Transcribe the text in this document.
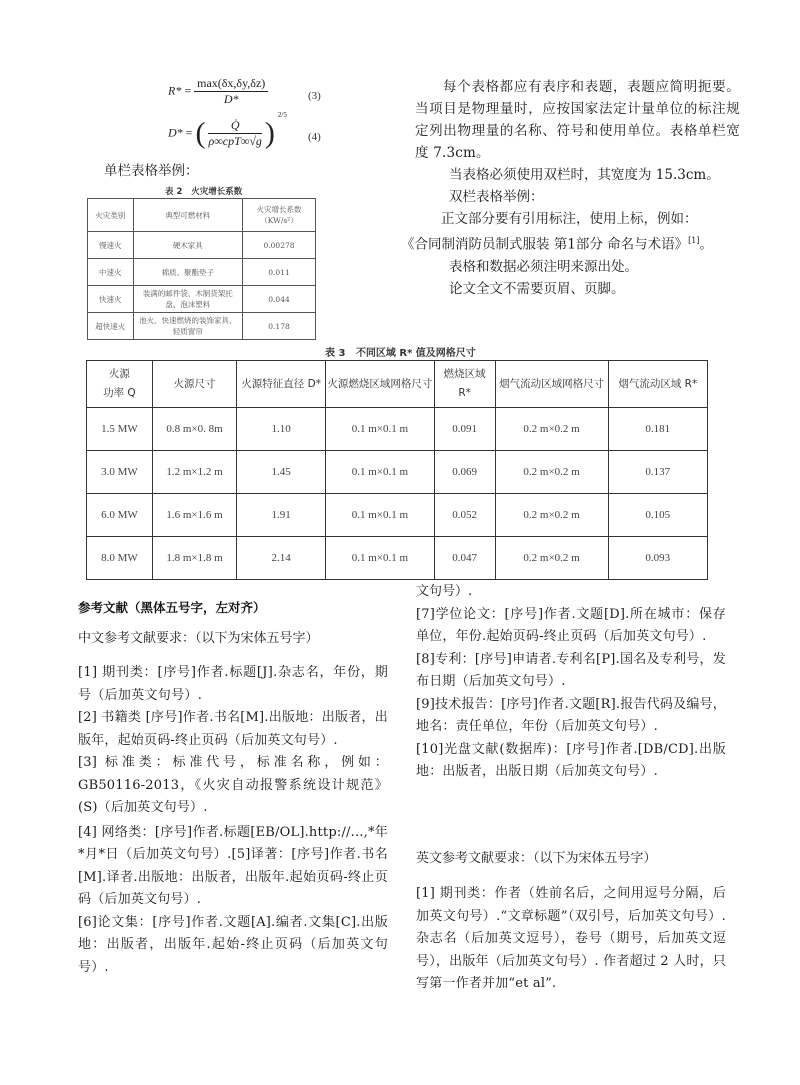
$R* = \frac{\max(\delta x,\delta y,\delta z)}{D*}$	(3)
D* = ( $\frac{Q̇}{\text{ρ∞cpT∞√g}}$ ) $^{2/5}$
(4)
单栏表格举例：
表 2   火灾增长系数
火灾类别	典型可燃材料	火灾增长系数
（KW/s²）

慢速火	硬木家具	0.00278
中速火	棉质、聚酯垫子	0.011
快速火	装满的邮件袋、木制货架托盘、泡沫塑料	0.044
超快速火	池火、快速燃烧的装饰家具、轻质窗帘	0.178
每个表格都应有表序和表题，表题应简明扼要。当项目是物理量时，应按国家法定计量单位的标注规定列出物理量的名称、符号和使用单位。表格单栏宽度 7.3cm。
当表格必须使用双栏时，其宽度为 15.3cm。
双栏表格举例：
正文部分要有引用标注，使用上标，例如：
《合同制消防员制式服装 第1部分 命名与术语》[1]。
表格和数据必须注明来源出处。
论文全文不需要页眉、页脚。
表 3   不同区域 R* 值及网格尺寸
火源
功率 Q	火源尺寸	火源特征直径 D*	火源燃烧区域网格尺寸	燃烧区域 R*	烟气流动区域网格尺寸	烟气流动区域 R*
1.5 MW	0.8 m×0. 8m	1.10	0.1 m×0.1 m	0.091	0.2 m×0.2 m	0.181
3.0 MW	1.2 m×1.2 m	1.45	0.1 m×0.1 m	0.069	0.2 m×0.2 m	0.137
6.0 MW	1.6 m×1.6 m	1.91	0.1 m×0.1 m	0.052	0.2 m×0.2 m	0.105
8.0 MW	1.8 m×1.8 m	2.14	0.1 m×0.1 m	0.047	0.2 m×0.2 m	0.093
参考文献（黑体五号字，左对齐）
中文参考文献要求：（以下为宋体五号字）
[1] 期刊类：[序号]作者.标题[J].杂志名，年份，期号（后加英文句号）.
[2] 书籍类 [序号]作者.书名[M].出版地：出版者，出版年，起始页码-终止页码（后加英文句号）.
[3] 标准类：标准代号，标准名称，例如：GB50116-2013，《火灾自动报警系统设计规范》(S)（后加英文句号）.
[4] 网络类：[序号]作者.标题[EB/OL].http://...,*年*月*日（后加英文句号）.[5]译著：[序号]作者.书名[M].译者.出版地：出版者，出版年.起始页码-终止页码（后加英文句号）.
[6]论文集：[序号]作者.文题[A].编者.文集[C].出版地：出版者，出版年.起始-终止页码（后加英文句号）.
文句号）.
[7]学位论文：[序号]作者.文题[D].所在城市：保存单位，年份.起始页码-终止页码（后加英文句号）.
[8]专利：[序号]申请者.专利名[P].国名及专利号，发布日期（后加英文句号）.
[9]技术报告：[序号]作者.文题[R].报告代码及编号，地名：责任单位，年份（后加英文句号）.
[10]光盘文献(数据库)：[序号]作者.[DB/CD].出版地：出版者，出版日期（后加英文句号）.
英文参考文献要求：（以下为宋体五号字）
[1] 期刊类：作者（姓前名后，之间用逗号分隔，后加英文句号）.“文章标题”（双引号，后加英文句号）.杂志名（后加英文逗号），卷号（期号，后加英文逗号），出版年（后加英文句号）. 作者超过 2 人时，只写第一作者并加“et al”.
